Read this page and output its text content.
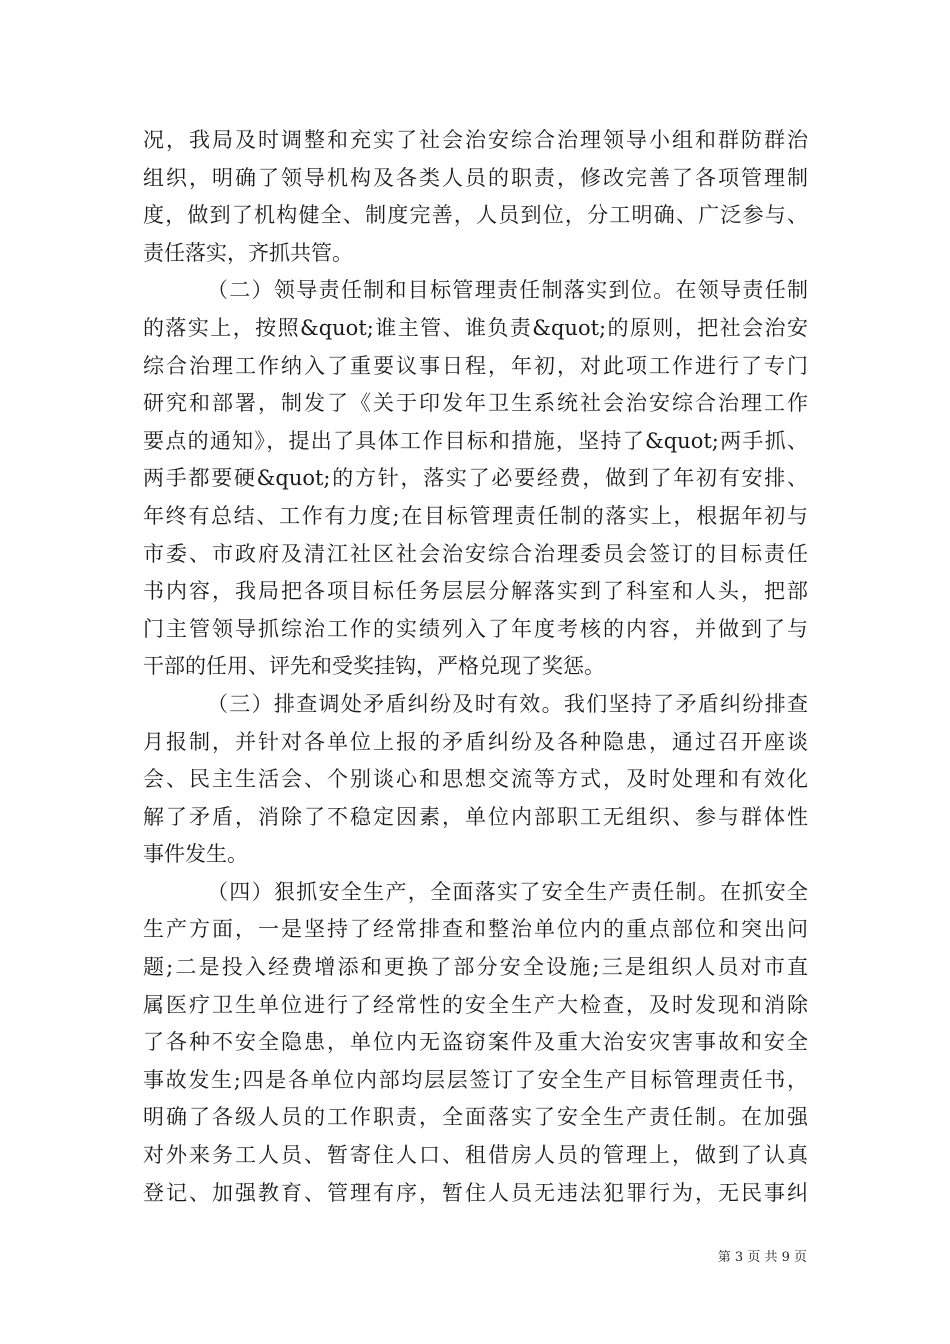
况，我局及时调整和充实了社会治安综合治理领导小组和群防群治
组织，明确了领导机构及各类人员的职责，修改完善了各项管理制
度，做到了机构健全、制度完善，人员到位，分工明确、广泛参与、
责任落实，齐抓共管。
（二）领导责任制和目标管理责任制落实到位。在领导责任制
的落实上，按照&quot;谁主管、谁负责&quot;的原则，把社会治安
综合治理工作纳入了重要议事日程，年初，对此项工作进行了专门
研究和部署，制发了《关于印发年卫生系统社会治安综合治理工作
要点的通知》，提出了具体工作目标和措施，坚持了&quot;两手抓、
两手都要硬&quot;的方针，落实了必要经费，做到了年初有安排、
年终有总结、工作有力度;在目标管理责任制的落实上，根据年初与
市委、市政府及清江社区社会治安综合治理委员会签订的目标责任
书内容，我局把各项目标任务层层分解落实到了科室和人头，把部
门主管领导抓综治工作的实绩列入了年度考核的内容，并做到了与
干部的任用、评先和受奖挂钩，严格兑现了奖惩。
（三）排查调处矛盾纠纷及时有效。我们坚持了矛盾纠纷排查
月报制，并针对各单位上报的矛盾纠纷及各种隐患，通过召开座谈
会、民主生活会、个别谈心和思想交流等方式，及时处理和有效化
解了矛盾，消除了不稳定因素，单位内部职工无组织、参与群体性
事件发生。
（四）狠抓安全生产，全面落实了安全生产责任制。在抓安全
生产方面，一是坚持了经常排查和整治单位内的重点部位和突出问
题;二是投入经费增添和更换了部分安全设施;三是组织人员对市直
属医疗卫生单位进行了经常性的安全生产大检查，及时发现和消除
了各种不安全隐患，单位内无盗窃案件及重大治安灾害事故和安全
事故发生;四是各单位内部均层层签订了安全生产目标管理责任书，
明确了各级人员的工作职责，全面落实了安全生产责任制。在加强
对外来务工人员、暂寄住人口、租借房人员的管理上，做到了认真
登记、加强教育、管理有序，暂住人员无违法犯罪行为，无民事纠
第 3 页 共 9 页
